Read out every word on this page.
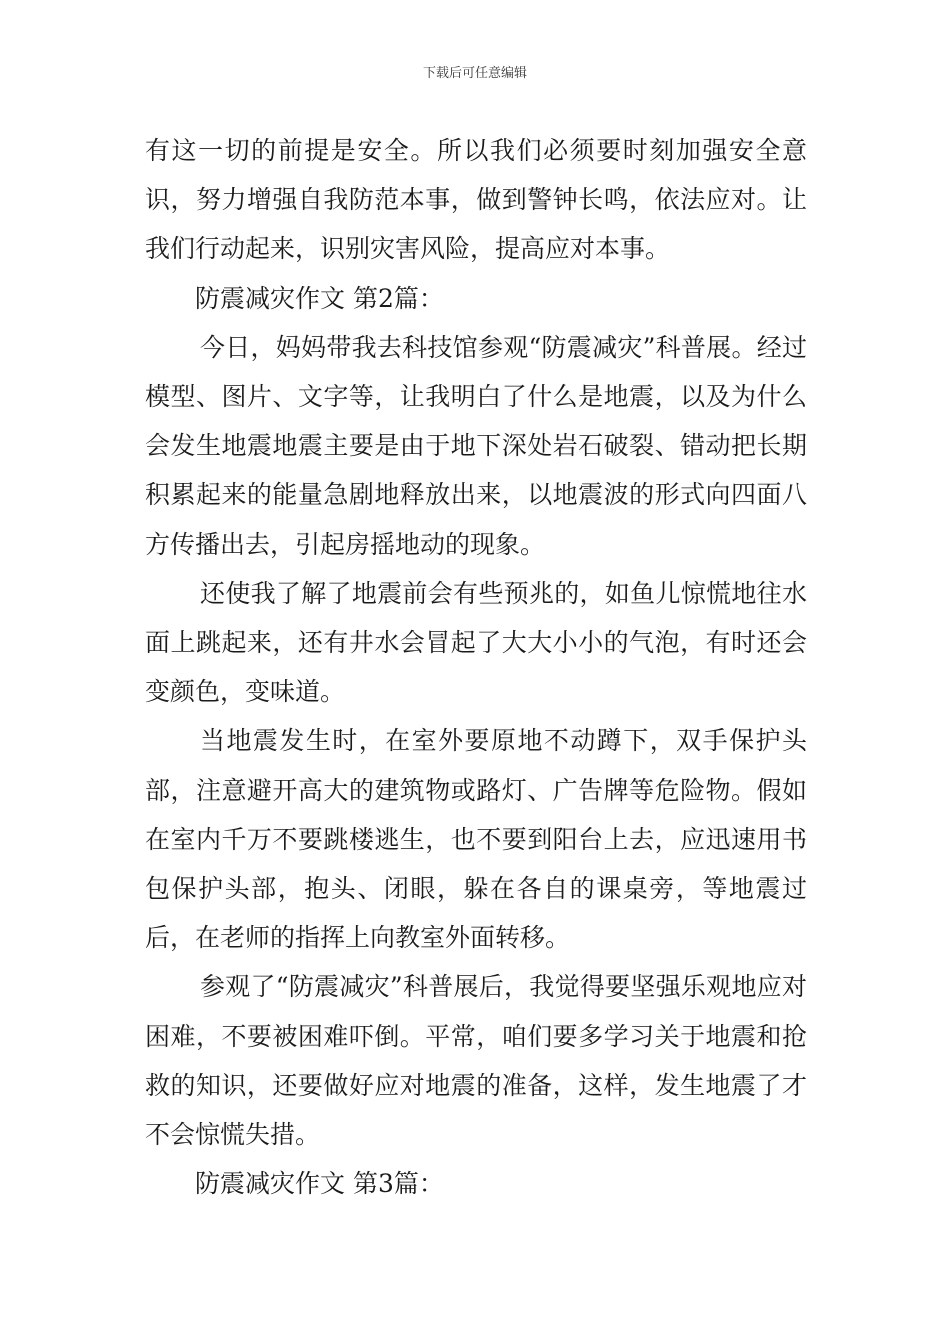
下载后可任意编辑

有这一切的前提是安全。所以我们必须要时刻加强安全意识，努力增强自我防范本事，做到警钟长鸣，依法应对。让我们行动起来，识别灾害风险，提高应对本事。

防震减灾作文 第2篇：

今日，妈妈带我去科技馆参观“防震减灾”科普展。经过模型、图片、文字等，让我明白了什么是地震，以及为什么会发生地震地震主要是由于地下深处岩石破裂、错动把长期积累起来的能量急剧地释放出来，以地震波的形式向四面八方传播出去，引起房摇地动的现象。

还使我了解了地震前会有些预兆的，如鱼儿惊慌地往水面上跳起来，还有井水会冒起了大大小小的气泡，有时还会变颜色，变味道。

当地震发生时，在室外要原地不动蹲下，双手保护头部，注意避开高大的建筑物或路灯、广告牌等危险物。假如在室内千万不要跳楼逃生，也不要到阳台上去，应迅速用书包保护头部，抱头、闭眼，躲在各自的课桌旁，等地震过后，在老师的指挥上向教室外面转移。

参观了“防震减灾”科普展后，我觉得要坚强乐观地应对困难，不要被困难吓倒。平常，咱们要多学习关于地震和抢救的知识，还要做好应对地震的准备，这样，发生地震了才不会惊慌失措。

防震减灾作文 第3篇：
